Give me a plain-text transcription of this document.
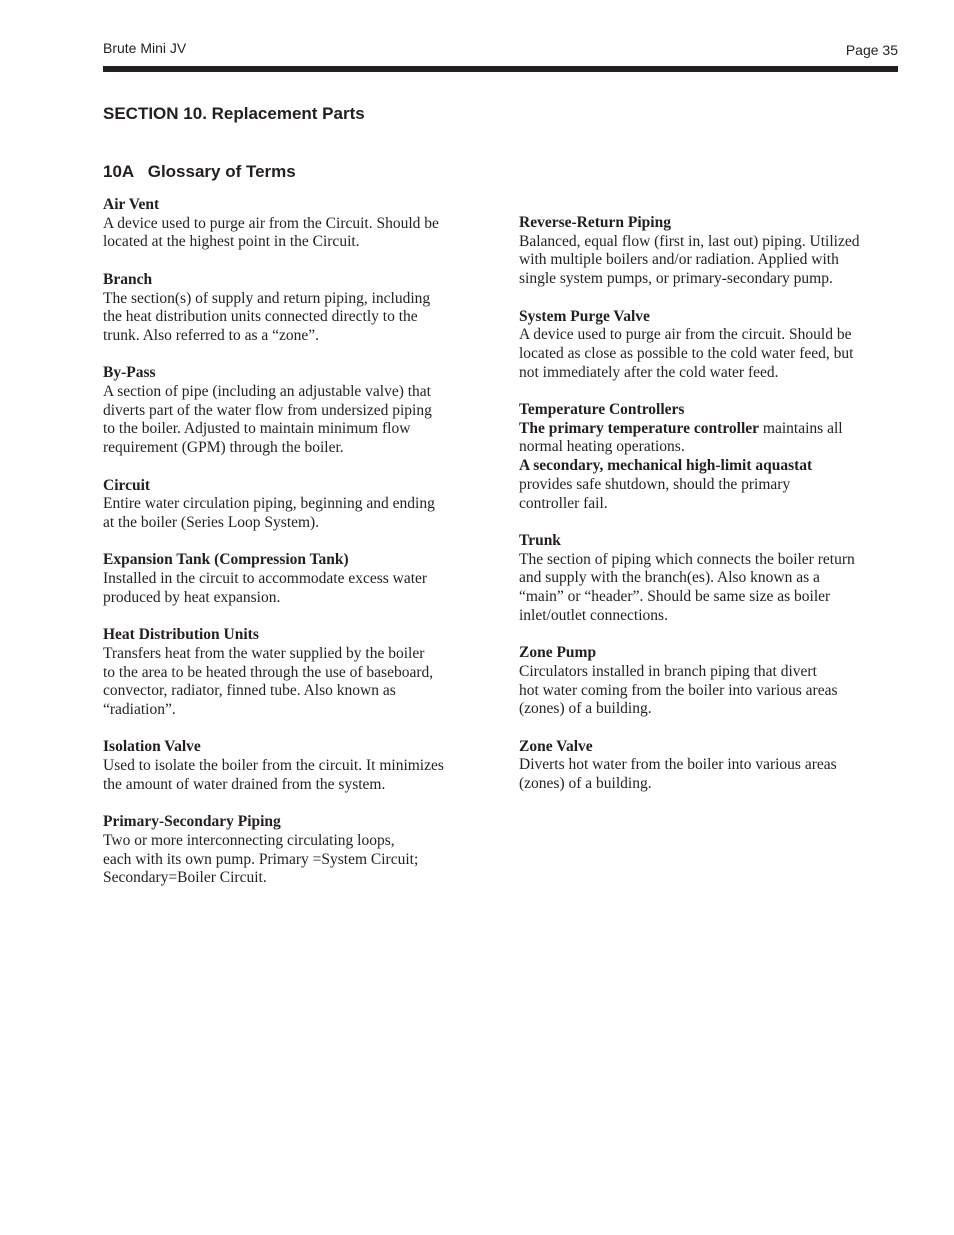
Brute Mini JV	Page 35
SECTION 10. Replacement Parts
10A   Glossary of Terms
Air Vent
A device used to purge air from the Circuit. Should be
located at the highest point in the Circuit.
Branch
The section(s) of supply and return piping, including
the heat distribution units connected directly to the
trunk. Also referred to as a “zone”.
By-Pass
A section of pipe (including an adjustable valve) that
diverts part of the water flow from undersized piping
to the boiler. Adjusted to maintain minimum flow
requirement (GPM) through the boiler.
Circuit
Entire water circulation piping, beginning and ending
at the boiler (Series Loop System).
Expansion Tank (Compression Tank)
Installed in the circuit to accommodate excess water
produced by heat expansion.
Heat Distribution Units
Transfers heat from the water supplied by the boiler
to the area to be heated through the use of baseboard,
convector, radiator, finned tube. Also known as
“radiation”.
Isolation Valve
Used to isolate the boiler from the circuit. It minimizes
the amount of water drained from the system.
Primary-Secondary Piping
Two or more interconnecting circulating loops,
each with its own pump. Primary =System Circuit;
Secondary=Boiler Circuit.
Reverse-Return Piping
Balanced, equal flow (first in, last out) piping. Utilized
with multiple boilers and/or radiation. Applied with
single system pumps, or primary-secondary pump.
System Purge Valve
A device used to purge air from the circuit. Should be
located as close as possible to the cold water feed, but
not immediately after the cold water feed.
Temperature Controllers
The primary temperature controller maintains all
normal heating operations.
A secondary, mechanical high-limit aquastat
provides safe shutdown, should the primary
controller fail.
Trunk
The section of piping which connects the boiler return
and supply with the branch(es). Also known as a
“main” or “header”. Should be same size as boiler
inlet/outlet connections.
Zone Pump
Circulators installed in branch piping that divert
hot water coming from the boiler into various areas
(zones) of a building.
Zone Valve
Diverts hot water from the boiler into various areas
(zones) of a building.
